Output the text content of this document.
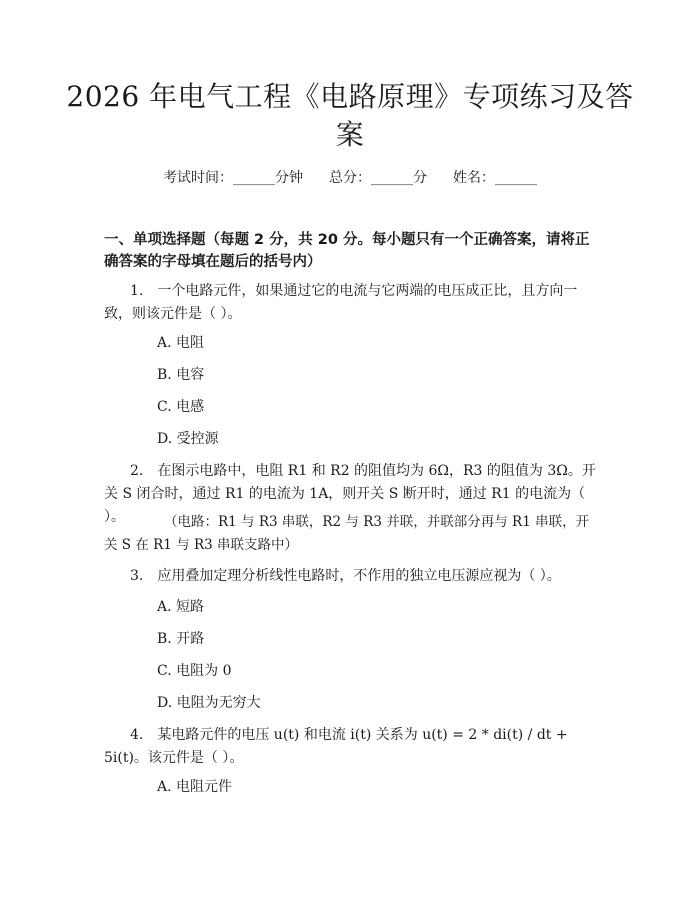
2026 年电气工程《电路原理》专项练习及答案
考试时间：______分钟 总分：______分 姓名：______
一、单项选择题（每题 2 分，共 20 分。每小题只有一个正确答案，请将正确答案的字母填在题后的括号内）
1.　一个电路元件，如果通过它的电流与它两端的电压成正比，且方向一致，则该元件是（ ）。
A. 电阻
B. 电容
C. 电感
D. 受控源
2.　在图示电路中，电阻 R1 和 R2 的阻值均为 6Ω，R3 的阻值为 3Ω。开关 S 闭合时，通过 R1 的电流为 1A，则开关 S 断开时，通过 R1 的电流为（ ）。	（电路：R1 与 R3 串联，R2 与 R3 并联，并联部分再与 R1 串联，开关 S 在 R1 与 R3 串联支路中）
3.　应用叠加定理分析线性电路时，不作用的独立电压源应视为（ ）。
A. 短路
B. 开路
C. 电阻为 0
D. 电阻为无穷大
4.　某电路元件的电压 u(t) 和电流 i(t) 关系为 u(t) = 2 * di(t) / dt + 5i(t)。该元件是（ ）。
A. 电阻元件
